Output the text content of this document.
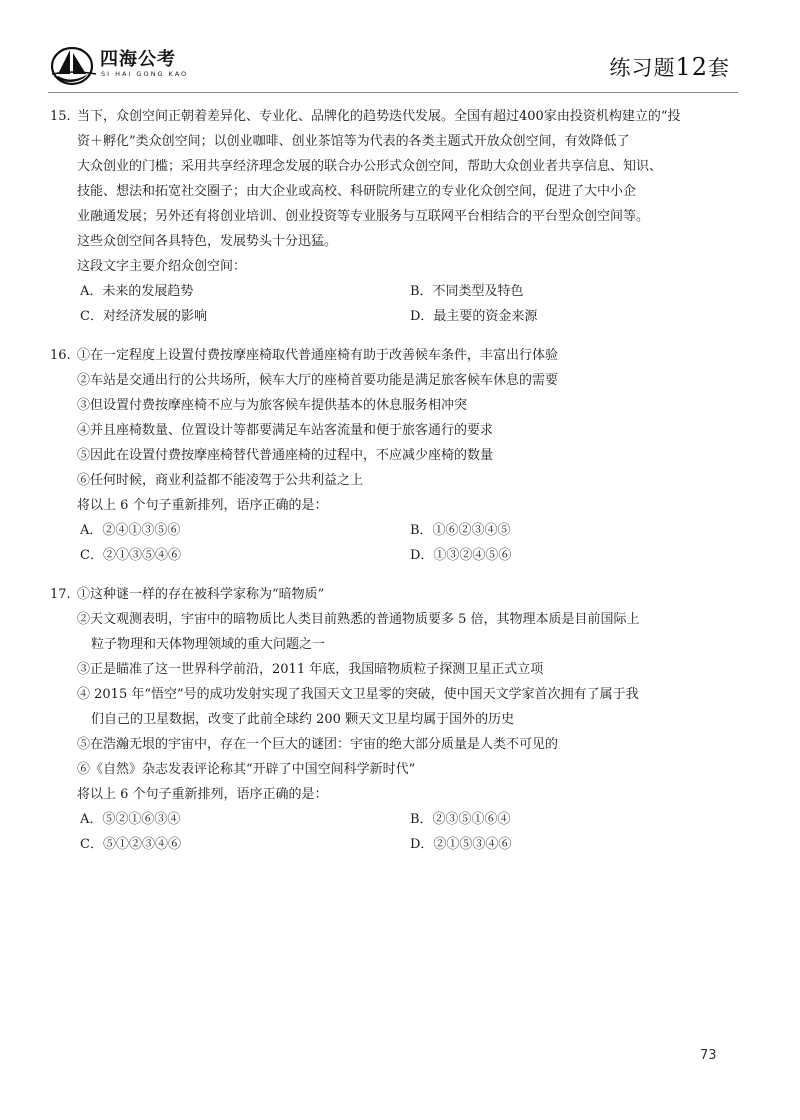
四海公考
SI HAI GONG KAO	练习题12套
15. 当下，众创空间正朝着差异化、专业化、品牌化的趋势迭代发展。全国有超过400家由投资机构建立的“投
资＋孵化”类众创空间；以创业咖啡、创业茶馆等为代表的各类主题式开放众创空间，有效降低了
大众创业的门槛；采用共享经济理念发展的联合办公形式众创空间，帮助大众创业者共享信息、知识、
技能、想法和拓宽社交圈子；由大企业或高校、科研院所建立的专业化众创空间，促进了大中小企
业融通发展；另外还有将创业培训、创业投资等专业服务与互联网平台相结合的平台型众创空间等。
这些众创空间各具特色，发展势头十分迅猛。
这段文字主要介绍众创空间：
A．未来的发展趋势	B．不同类型及特色
C．对经济发展的影响	D．最主要的资金来源
16. ①在一定程度上设置付费按摩座椅取代普通座椅有助于改善候车条件，丰富出行体验
②车站是交通出行的公共场所，候车大厅的座椅首要功能是满足旅客候车休息的需要
③但设置付费按摩座椅不应与为旅客候车提供基本的休息服务相冲突
④并且座椅数量、位置设计等都要满足车站客流量和便于旅客通行的要求
⑤因此在设置付费按摩座椅替代普通座椅的过程中，不应减少座椅的数量
⑥任何时候，商业利益都不能凌驾于公共利益之上
将以上 6 个句子重新排列，语序正确的是：
A．②④①③⑤⑥	B．①⑥②③④⑤
C．②①③⑤④⑥	D．①③②④⑤⑥
17. ①这种谜一样的存在被科学家称为“暗物质”
②天文观测表明，宇宙中的暗物质比人类目前熟悉的普通物质要多 5 倍，其物理本质是目前国际上
粒子物理和天体物理领域的重大问题之一
③正是瞄准了这一世界科学前沿，2011 年底，我国暗物质粒子探测卫星正式立项
④ 2015 年“悟空”号的成功发射实现了我国天文卫星零的突破，使中国天文学家首次拥有了属于我
们自己的卫星数据，改变了此前全球约 200 颗天文卫星均属于国外的历史
⑤在浩瀚无垠的宇宙中，存在一个巨大的谜团：宇宙的绝大部分质量是人类不可见的
⑥《自然》杂志发表评论称其“开辟了中国空间科学新时代”
将以上 6 个句子重新排列，语序正确的是：
A．⑤②①⑥③④	B．②③⑤①⑥④
C．⑤①②③④⑥	D．②①⑤③④⑥
73
